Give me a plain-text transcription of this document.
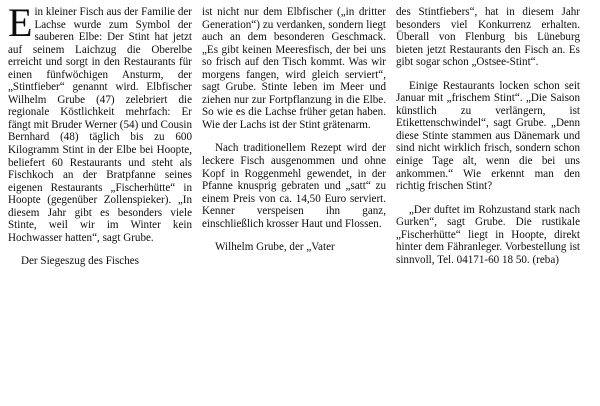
Ein kleiner Fisch aus der Familie der Lachse wurde zum Symbol der sauberen Elbe: Der Stint hat jetzt auf seinem Laichzug die Oberelbe erreicht und sorgt in den Restaurants für einen fünfwöchigen Ansturm, der „Stintfieber“ genannt wird. Elbfischer Wilhelm Grube (47) zelebriert die regionale Köstlichkeit mehrfach: Er fängt mit Bruder Werner (54) und Cousin Bernhard (48) täglich bis zu 600 Kilogramm Stint in der Elbe bei Hoopte, beliefert 60 Restaurants und steht als Fischkoch an der Bratpfanne seines eigenen Restaurants „Fischerhütte“ in Hoopte (gegenüber Zollenspieker). „In diesem Jahr gibt es besonders viele Stinte, weil wir im Winter kein Hochwasser hatten“, sagt Grube.

Der Siegeszug des Fisches

ist nicht nur dem Elbfischer („in dritter Generation“) zu verdanken, sondern liegt auch an dem besonderen Geschmack. „Es gibt keinen Meeresfisch, der bei uns so frisch auf den Tisch kommt. Was wir morgens fangen, wird gleich serviert“, sagt Grube. Stinte leben im Meer und ziehen nur zur Fortpflanzung in die Elbe. So wie es die Lachse früher getan haben. Wie der Lachs ist der Stint grätenarm.

Nach traditionellem Rezept wird der leckere Fisch ausgenommen und ohne Kopf in Roggenmehl gewendet, in der Pfanne knusprig gebraten und „satt“ zu einem Preis von ca. 14,50 Euro serviert. Kenner verspeisen ihn ganz, einschließlich krosser Haut und Flossen.

Wilhelm Grube, der „Vater

des Stintfiebers“, hat in diesem Jahr besonders viel Konkurrenz erhalten. Überall von Flenburg bis Lüneburg bieten jetzt Restaurants den Fisch an. Es gibt sogar schon „Ostsee-Stint“.

Einige Restaurants locken schon seit Januar mit „frischem Stint“. „Die Saison künstlich zu verlängern, ist Etikettenschwindel“, sagt Grube. „Denn diese Stinte stammen aus Dänemark und sind nicht wirklich frisch, sondern schon einige Tage alt, wenn die bei uns ankommen.“ Wie erkennt man den richtig frischen Stint?

„Der duftet im Rohzustand stark nach Gurken“, sagt Grube. Die rustikale „Fischerhütte“ liegt in Hoopte, direkt hinter dem Fähranleger. Vorbestellung ist sinnvoll, Tel. 04171-60 18 50. (reba)
